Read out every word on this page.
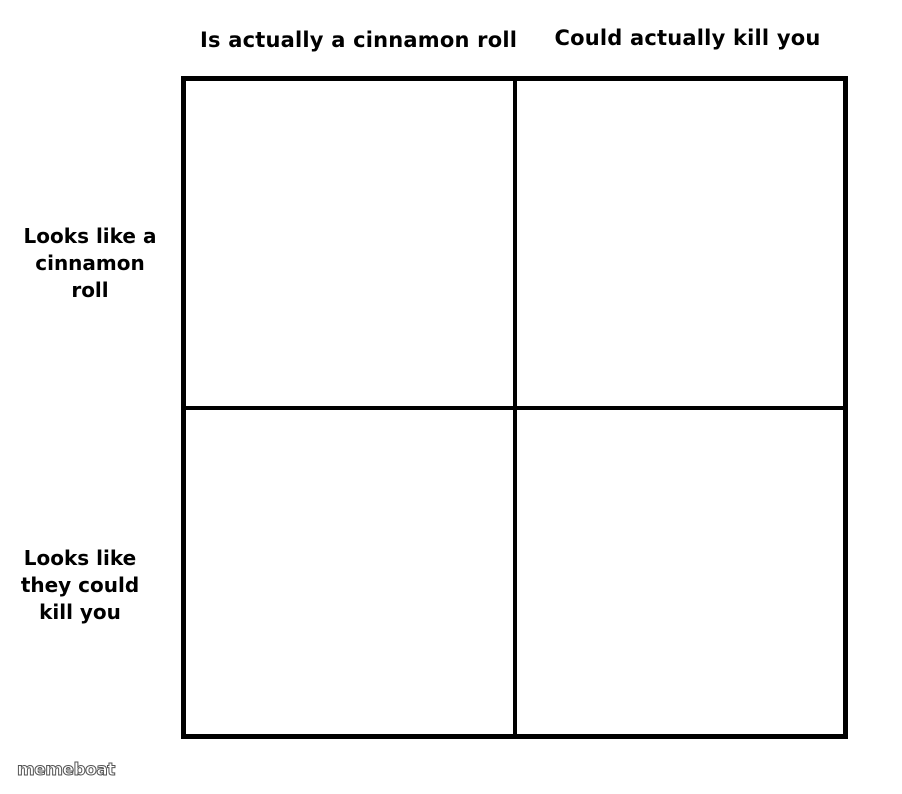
Is actually a cinnamon roll	Could actually kill you
Looks like a
cinnamon
roll
Looks like
they could
kill you
memeboat
